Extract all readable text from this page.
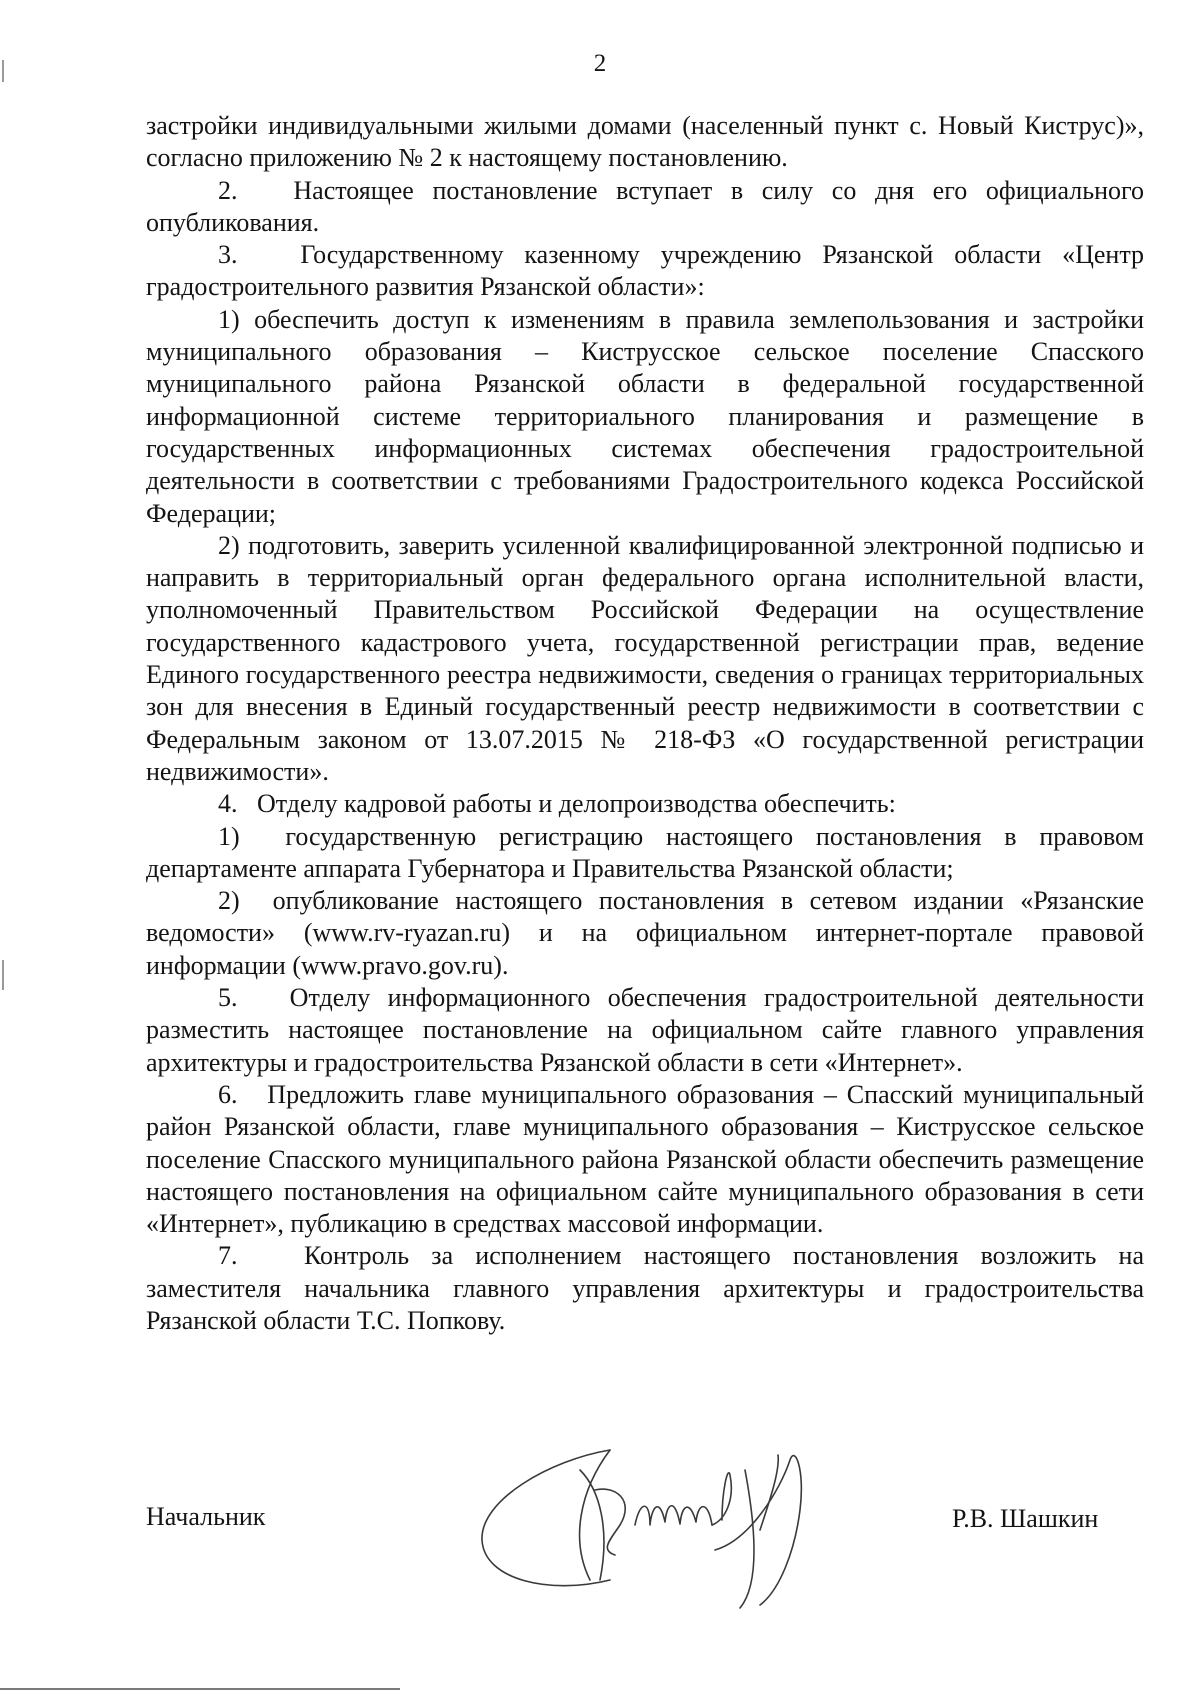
2

застройки индивидуальными жилыми домами (населенный пункт с. Новый Киструс)», согласно приложению № 2 к настоящему постановлению.

2.   Настоящее постановление вступает в силу со дня его официального опубликования.

3.   Государственному казенному учреждению Рязанской области «Центр градостроительного развития Рязанской области»:

1) обеспечить доступ к изменениям в правила землепользования и застройки муниципального образования – Киструсское сельское поселение Спасского муниципального района Рязанской области в федеральной государственной информационной системе территориального планирования и размещение в государственных информационных системах обеспечения градостроительной деятельности в соответствии с требованиями Градостроительного кодекса Российской Федерации;

2) подготовить, заверить усиленной квалифицированной электронной подписью и направить в территориальный орган федерального органа исполнительной власти, уполномоченный Правительством Российской Федерации на осуществление государственного кадастрового учета, государственной регистрации прав, ведение Единого государственного реестра недвижимости, сведения о границах территориальных зон для внесения в Единый государственный реестр недвижимости в соответствии с Федеральным законом от 13.07.2015 № 218-ФЗ «О государственной регистрации недвижимости».

4.   Отделу кадровой работы и делопроизводства обеспечить:

1)  государственную регистрацию настоящего постановления в правовом департаменте аппарата Губернатора и Правительства Рязанской области;

2)  опубликование настоящего постановления в сетевом издании «Рязанские ведомости» (www.rv-ryazan.ru) и на официальном интернет-портале правовой информации (www.pravo.gov.ru).

5.   Отделу информационного обеспечения градостроительной деятельности разместить настоящее постановление на официальном сайте главного управления архитектуры и градостроительства Рязанской области в сети «Интернет».

6.   Предложить главе муниципального образования – Спасский муниципальный район Рязанской области, главе муниципального образования – Киструсское сельское поселение Спасского муниципального района Рязанской области обеспечить размещение настоящего постановления на официальном сайте муниципального образования в сети «Интернет», публикацию в средствах массовой информации.

7.   Контроль за исполнением настоящего постановления возложить на заместителя начальника главного управления архитектуры и градостроительства Рязанской области Т.С. Попкову.

Начальник	Р.В. Шашкин
